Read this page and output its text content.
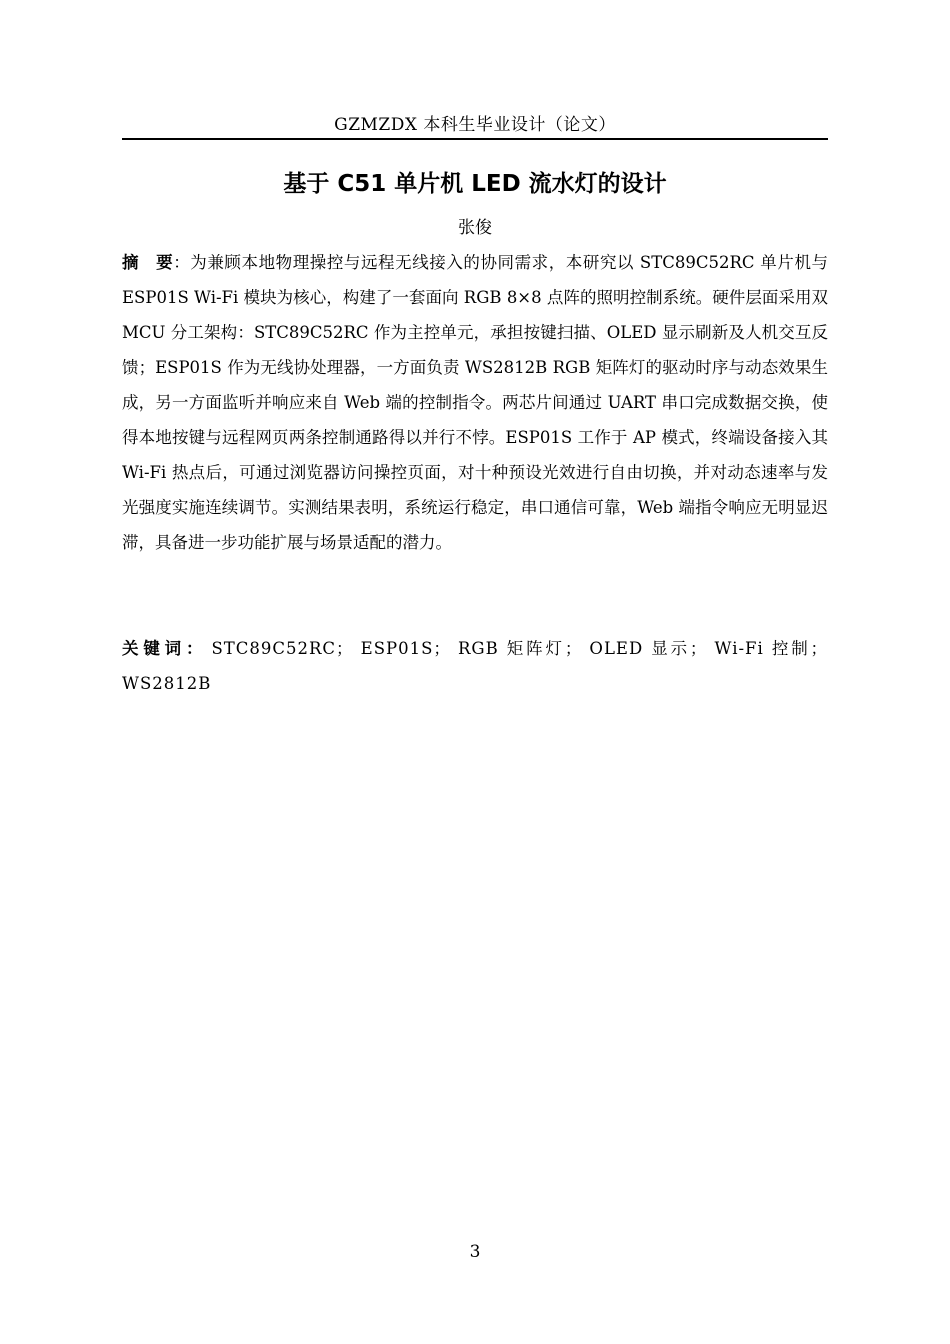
GZMZDX 本科生毕业设计（论文）
基于 C51 单片机 LED 流水灯的设计
张俊

摘　要：为兼顾本地物理操控与远程无线接入的协同需求，本研究以 STC89C52RC 单片机与 ESP01S Wi-Fi 模块为核心，构建了一套面向 RGB 8×8 点阵的照明控制系统。硬件层面采用双 MCU 分工架构：STC89C52RC 作为主控单元，承担按键扫描、OLED 显示刷新及人机交互反馈；ESP01S 作为无线协处理器，一方面负责 WS2812B RGB 矩阵灯的驱动时序与动态效果生成，另一方面监听并响应来自 Web 端的控制指令。两芯片间通过 UART 串口完成数据交换，使得本地按键与远程网页两条控制通路得以并行不悖。ESP01S 工作于 AP 模式，终端设备接入其 Wi-Fi 热点后，可通过浏览器访问操控页面，对十种预设光效进行自由切换，并对动态速率与发光强度实施连续调节。实测结果表明，系统运行稳定，串口通信可靠，Web 端指令响应无明显迟滞，具备进一步功能扩展与场景适配的潜力。

关键词： STC89C52RC； ESP01S； RGB 矩阵灯； OLED 显示； Wi-Fi 控制； WS2812B

3
